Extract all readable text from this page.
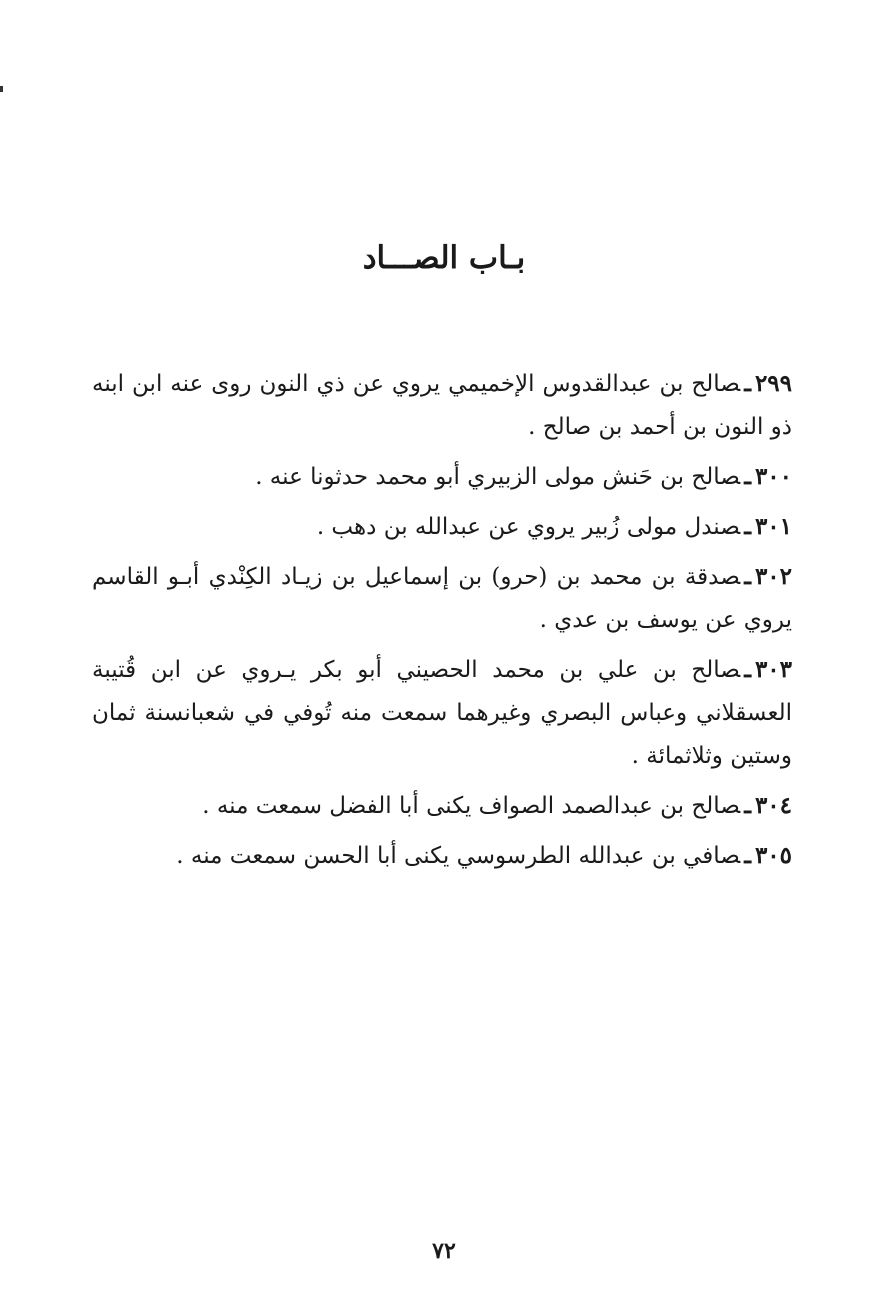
بـاب الصـــاد

٢٩٩ـصالح بن عبدالقدوس الإخميمي يروي عن ذي النون روى عنه ابن ابنه ذو النون بن أحمد بن صالح .

٣٠٠ـصالح بن حَنش مولى الزبيري أبو محمد حدثونا عنه .

٣٠١ـصندل مولى زُبير يروي عن عبدالله بن دهب .

٣٠٢ـصدقة بن محمد بن (حرو) بن إسماعيل بن زيـاد الكِنْدي أبـو القاسم يروي عن يوسف بن عدي .

٣٠٣ـصالح بن علي بن محمد الحصيني أبو بكر يـروي عن ابن قُتيبة العسقلاني وعباس البصري وغيرهما سمعت منه تُوفي في شعبانسنة ثمان وستين وثلاثمائة .

٣٠٤ـصالح بن عبدالصمد الصواف يكنى أبا الفضل سمعت منه .

٣٠٥ـصافي بن عبدالله الطرسوسي يكنى أبا الحسن سمعت منه .

٧٢
